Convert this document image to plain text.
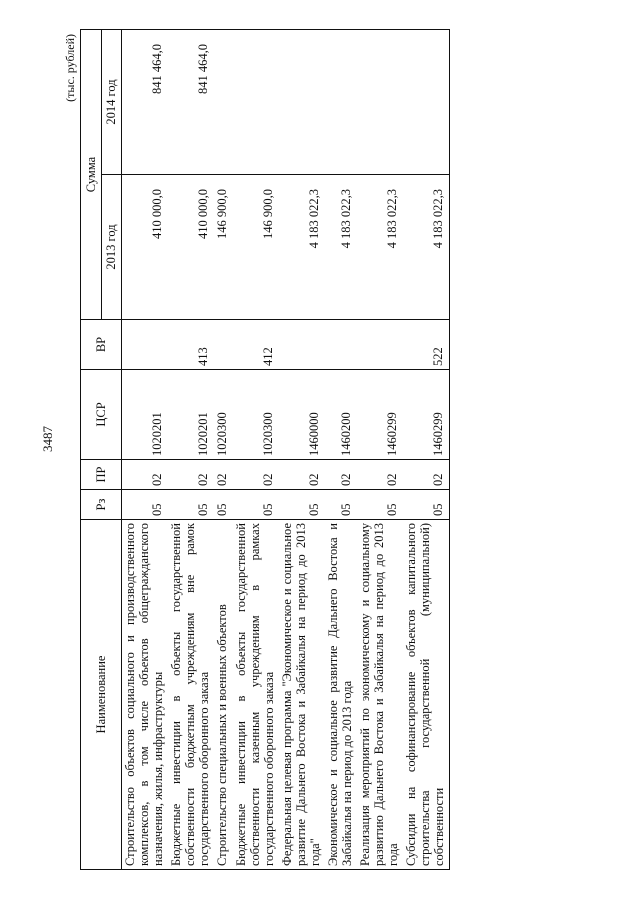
3487
(тыс. рублей)
Наименование	Рз	ПР	ЦСР	ВР	Сумма	
					2013 год	2014 год
Строительство объектов социального и производственного комплексов, в том числе объектов общегражданского назначения, жилья, инфраструктуры	05	02	1020201		410 000,0	841 464,0
Бюджетные инвестиции в объекты государственной собственности бюджетным учреждениям вне рамок государственного оборонного заказа	05	02	1020201	413	410 000,0	841 464,0
Строительство специальных и военных объектов	05	02	1020300		146 900,0	
Бюджетные инвестиции в объекты государственной собственности казенным учреждениям в рамках государственного оборонного заказа	05	02	1020300	412	146 900,0	
Федеральная целевая программа "Экономическое и социальное развитие Дальнего Востока и Забайкалья на период до 2013 года"	05	02	1460000		4 183 022,3	
Экономическое и социальное развитие Дальнего Востока и Забайкалья на период до 2013 года	05	02	1460200		4 183 022,3	
Реализация мероприятий по экономическому и социальному развитию Дальнего Востока и Забайкалья на период до 2013 года	05	02	1460299		4 183 022,3	
Субсидии на софинансирование объектов капитального строительства государственной (муниципальной) собственности	05	02	1460299	522	4 183 022,3	
